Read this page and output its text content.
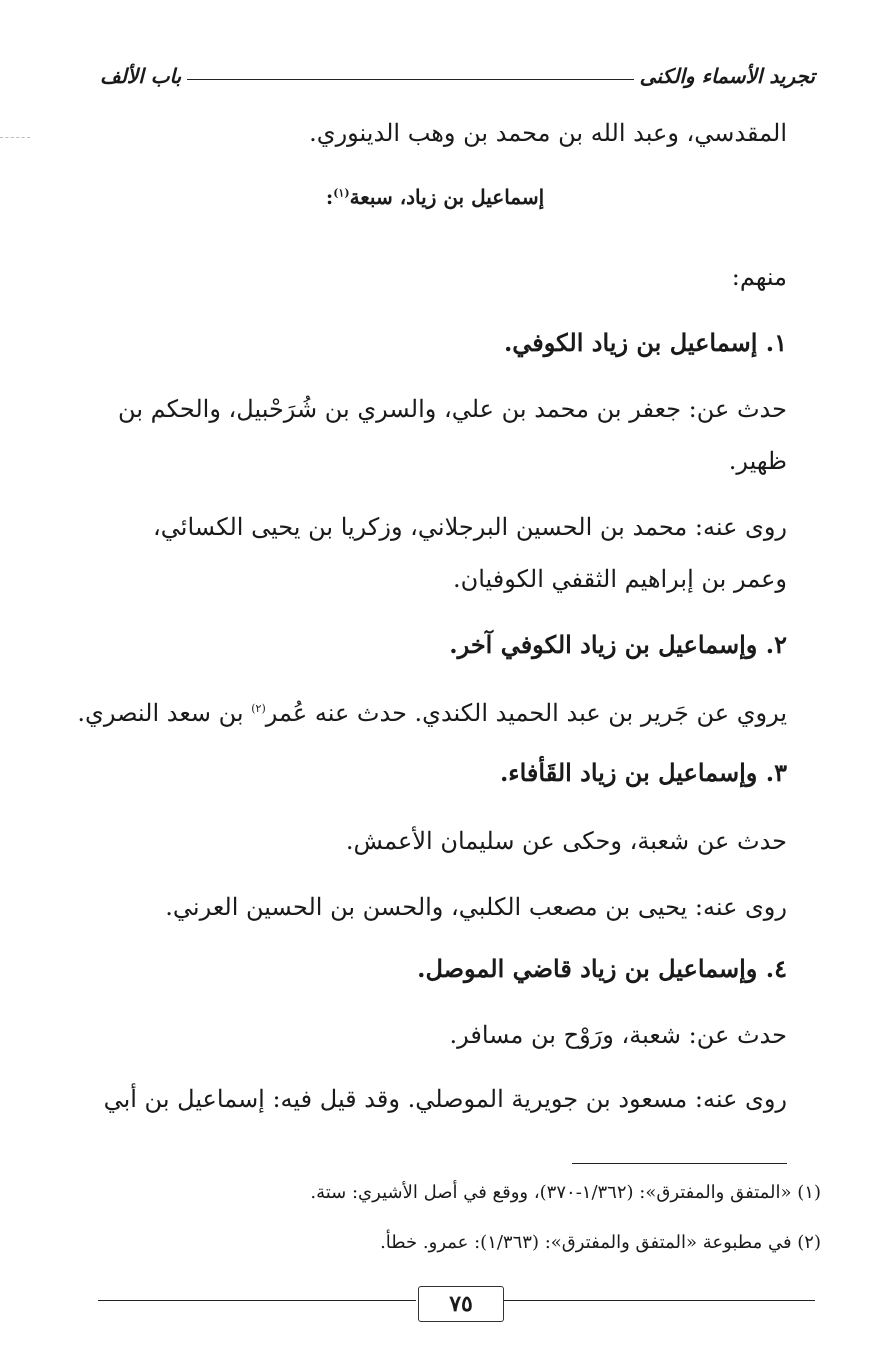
تجريد الأسماء والكنى
باب الألف
المقدسي، وعبد الله بن محمد بن وهب الدينوري.
إسماعيل بن زياد، سبعة$^{(١)}$:
منهم:
١. إسماعيل بن زياد الكوفي.
حدث عن: جعفر بن محمد بن علي، والسري بن شُرَحْبيل، والحكم بن
ظهير.
روى عنه: محمد بن الحسين البرجلاني، وزكريا بن يحيى الكسائي،
وعمر بن إبراهيم الثقفي الكوفيان.
٢. وإسماعيل بن زياد الكوفي آخر.
يروي عن جَرير بن عبد الحميد الكندي. حدث عنه عُمر$^{(٢)}$ بن سعد النصري.
٣. وإسماعيل بن زياد القَأفاء.
حدث عن شعبة، وحكى عن سليمان الأعمش.
روى عنه: يحيى بن مصعب الكلبي، والحسن بن الحسين العرني.
٤. وإسماعيل بن زياد قاضي الموصل.
حدث عن: شعبة، ورَوْح بن مسافر.
روى عنه: مسعود بن جويرية الموصلي. وقد قيل فيه: إسماعيل بن أبي
(١) «المتفق والمفترق»: (١/٣٦٢-٣٧٠)، ووقع في أصل الأشيري: ستة.
(٢) في مطبوعة «المتفق والمفترق»: (١/٣٦٣): عمرو. خطأ.
٧٥
